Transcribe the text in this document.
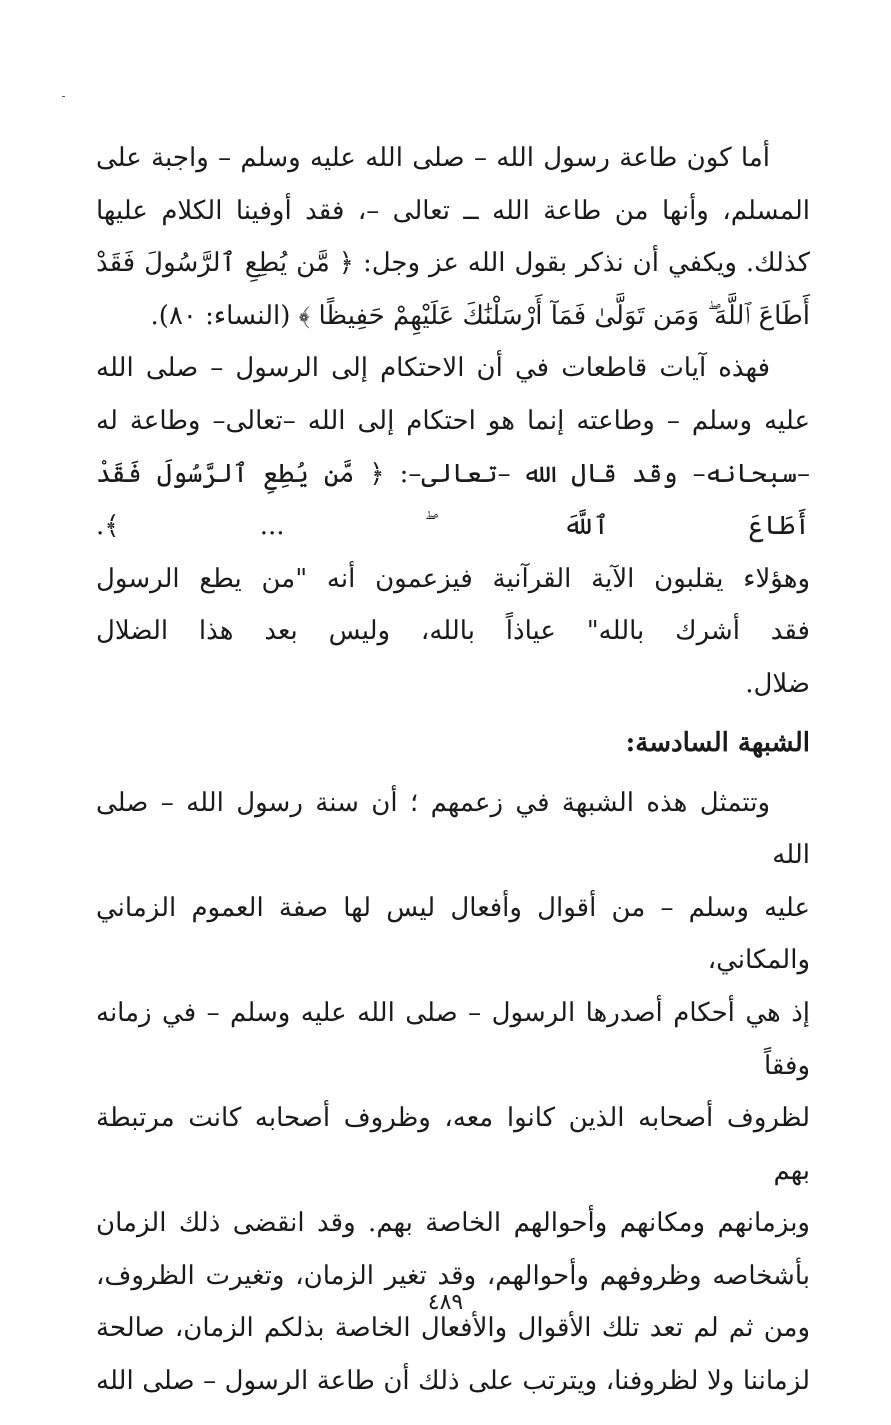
أما كون طاعة رسول الله – صلى الله عليه وسلم – واجبة على

المسلم، وأنها من طاعة الله ــ تعالى –، فقد أوفينا الكلام عليها

كذلك. ويكفي أن نذكر بقول الله عز وجل: ﴿ مَّن يُطِعِ ٱلرَّسُولَ فَقَدْ

أَطَاعَ ٱللَّهَ ۖ وَمَن تَوَلَّىٰ فَمَآ أَرْسَلْنَٰكَ عَلَيْهِمْ حَفِيظًا ﴾ (النساء: ٨٠).

فهذه آيات قاطعات في أن الاحتكام إلى الرسول – صلى الله

عليه وسلم – وطاعته إنما هو احتكام إلى الله –تعالى– وطاعة له

–سبحانه– وقد قال الله –تعالى–: ﴿ مَّن يُطِعِ ٱلرَّسُولَ فَقَدْ أَطَاعَ ٱللَّهَ ۖ ... ﴾.

وهؤلاء يقلبون الآية القرآنية فيزعمون أنه "من يطع الرسول

فقد أشرك بالله" عياذاً بالله، وليس بعد هذا الضلال

ضلال.

الشبهة السادسة:

وتتمثل هذه الشبهة في زعمهم ؛ أن سنة رسول الله – صلى الله

عليه وسلم – من أقوال وأفعال ليس لها صفة العموم الزماني والمكاني،

إذ هي أحكام أصدرها الرسول – صلى الله عليه وسلم – في زمانه وفقاً

لظروف أصحابه الذين كانوا معه، وظروف أصحابه كانت مرتبطة بهم

وبزمانهم ومكانهم وأحوالهم الخاصة بهم. وقد انقضى ذلك الزمان

بأشخاصه وظروفهم وأحوالهم، وقد تغير الزمان، وتغيرت الظروف،

ومن ثم لم تعد تلك الأقوال والأفعال الخاصة بذلكم الزمان، صالحة

لزماننا ولا لظروفنا، ويترتب على ذلك أن طاعة الرسول – صلى الله

٤٨٩
